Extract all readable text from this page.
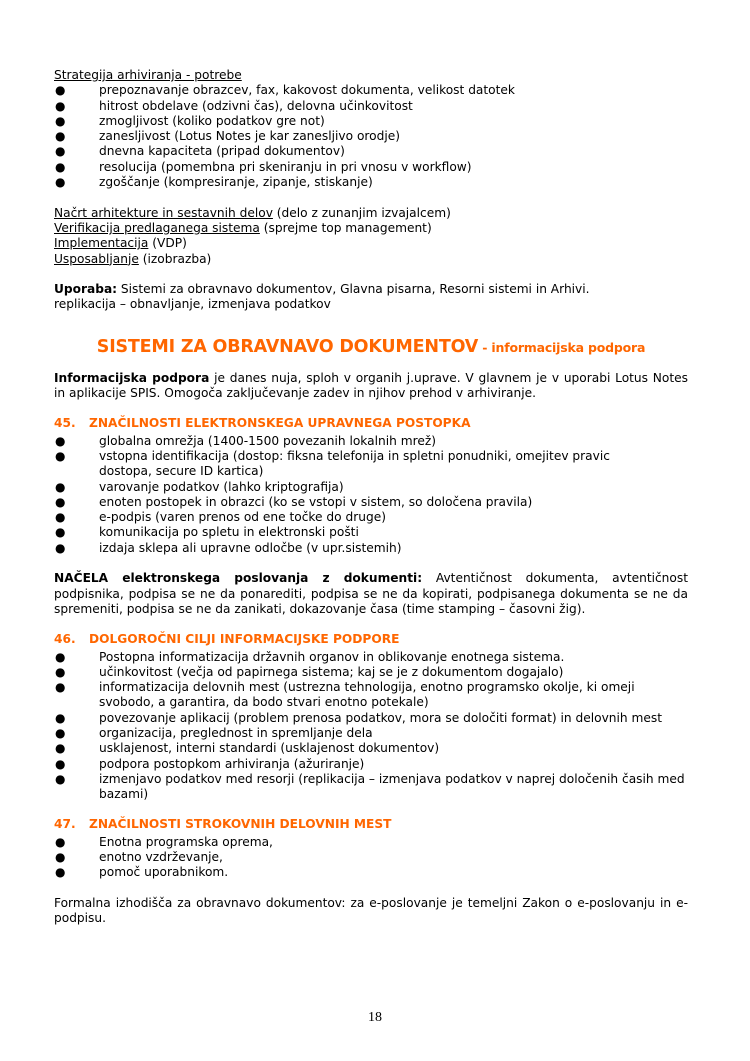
Strategija arhiviranja - potrebe
●	prepoznavanje obrazcev, fax, kakovost dokumenta, velikost datotek
●	hitrost obdelave (odzivni čas), delovna učinkovitost
●	zmogljivost (koliko podatkov gre not)
●	zanesljivost (Lotus Notes je kar zanesljivo orodje)
●	dnevna kapaciteta (pripad dokumentov)
●	resolucija (pomembna pri skeniranju in pri vnosu v workflow)
●	zgoščanje (kompresiranje, zipanje, stiskanje)
Načrt arhitekture in sestavnih delov (delo z zunanjim izvajalcem)
Verifikacija predlaganega sistema (sprejme top management)
Implementacija (VDP)
Usposabljanje (izobrazba)
Uporaba: Sistemi za obravnavo dokumentov, Glavna pisarna, Resorni sistemi in Arhivi.
replikacija – obnavljanje, izmenjava podatkov
SISTEMI ZA OBRAVNAVO DOKUMENTOV - informacijska podpora
Informacijska podpora je danes nuja, sploh v organih j.uprave. V glavnem je v uporabi Lotus Notes in aplikacije SPIS. Omogoča zaključevanje zadev in njihov prehod v arhiviranje.
45. ZNAČILNOSTI ELEKTRONSKEGA UPRAVNEGA POSTOPKA
●	globalna omrežja (1400-1500 povezanih lokalnih mrež)
●	vstopna identifikacija (dostop: fiksna telefonija in spletni ponudniki, omejitev pravic dostopa, secure ID kartica)
●	varovanje podatkov (lahko kriptografija)
●	enoten postopek in obrazci (ko se vstopi v sistem, so določena pravila)
●	e-podpis (varen prenos od ene točke do druge)
●	komunikacija po spletu in elektronski pošti
●	izdaja sklepa ali upravne odločbe (v upr.sistemih)
NAČELA elektronskega poslovanja z dokumenti: Avtentičnost dokumenta, avtentičnost podpisnika, podpisa se ne da ponarediti, podpisa se ne da kopirati, podpisanega dokumenta se ne da spremeniti, podpisa se ne da zanikati, dokazovanje časa (time stamping – časovni žig).
46. DOLGOROČNI CILJI INFORMACIJSKE PODPORE
●	Postopna informatizacija državnih organov in oblikovanje enotnega sistema.
●	učinkovitost (večja od papirnega sistema; kaj se je z dokumentom dogajalo)
●	informatizacija delovnih mest (ustrezna tehnologija, enotno programsko okolje, ki omeji svobodo, a garantira, da bodo stvari enotno potekale)
●	povezovanje aplikacij (problem prenosa podatkov, mora se določiti format) in delovnih mest
●	organizacija, preglednost in spremljanje dela
●	usklajenost, interni standardi (usklajenost dokumentov)
●	podpora postopkom arhiviranja (ažuriranje)
●	izmenjavo podatkov med resorji (replikacija – izmenjava podatkov v naprej določenih časih med bazami)
47. ZNAČILNOSTI STROKOVNIH DELOVNIH MEST
●	Enotna programska oprema,
●	enotno vzdrževanje,
●	pomoč uporabnikom.
Formalna izhodišča za obravnavo dokumentov: za e-poslovanje je temeljni Zakon o e-poslovanju in e-podpisu.
18
